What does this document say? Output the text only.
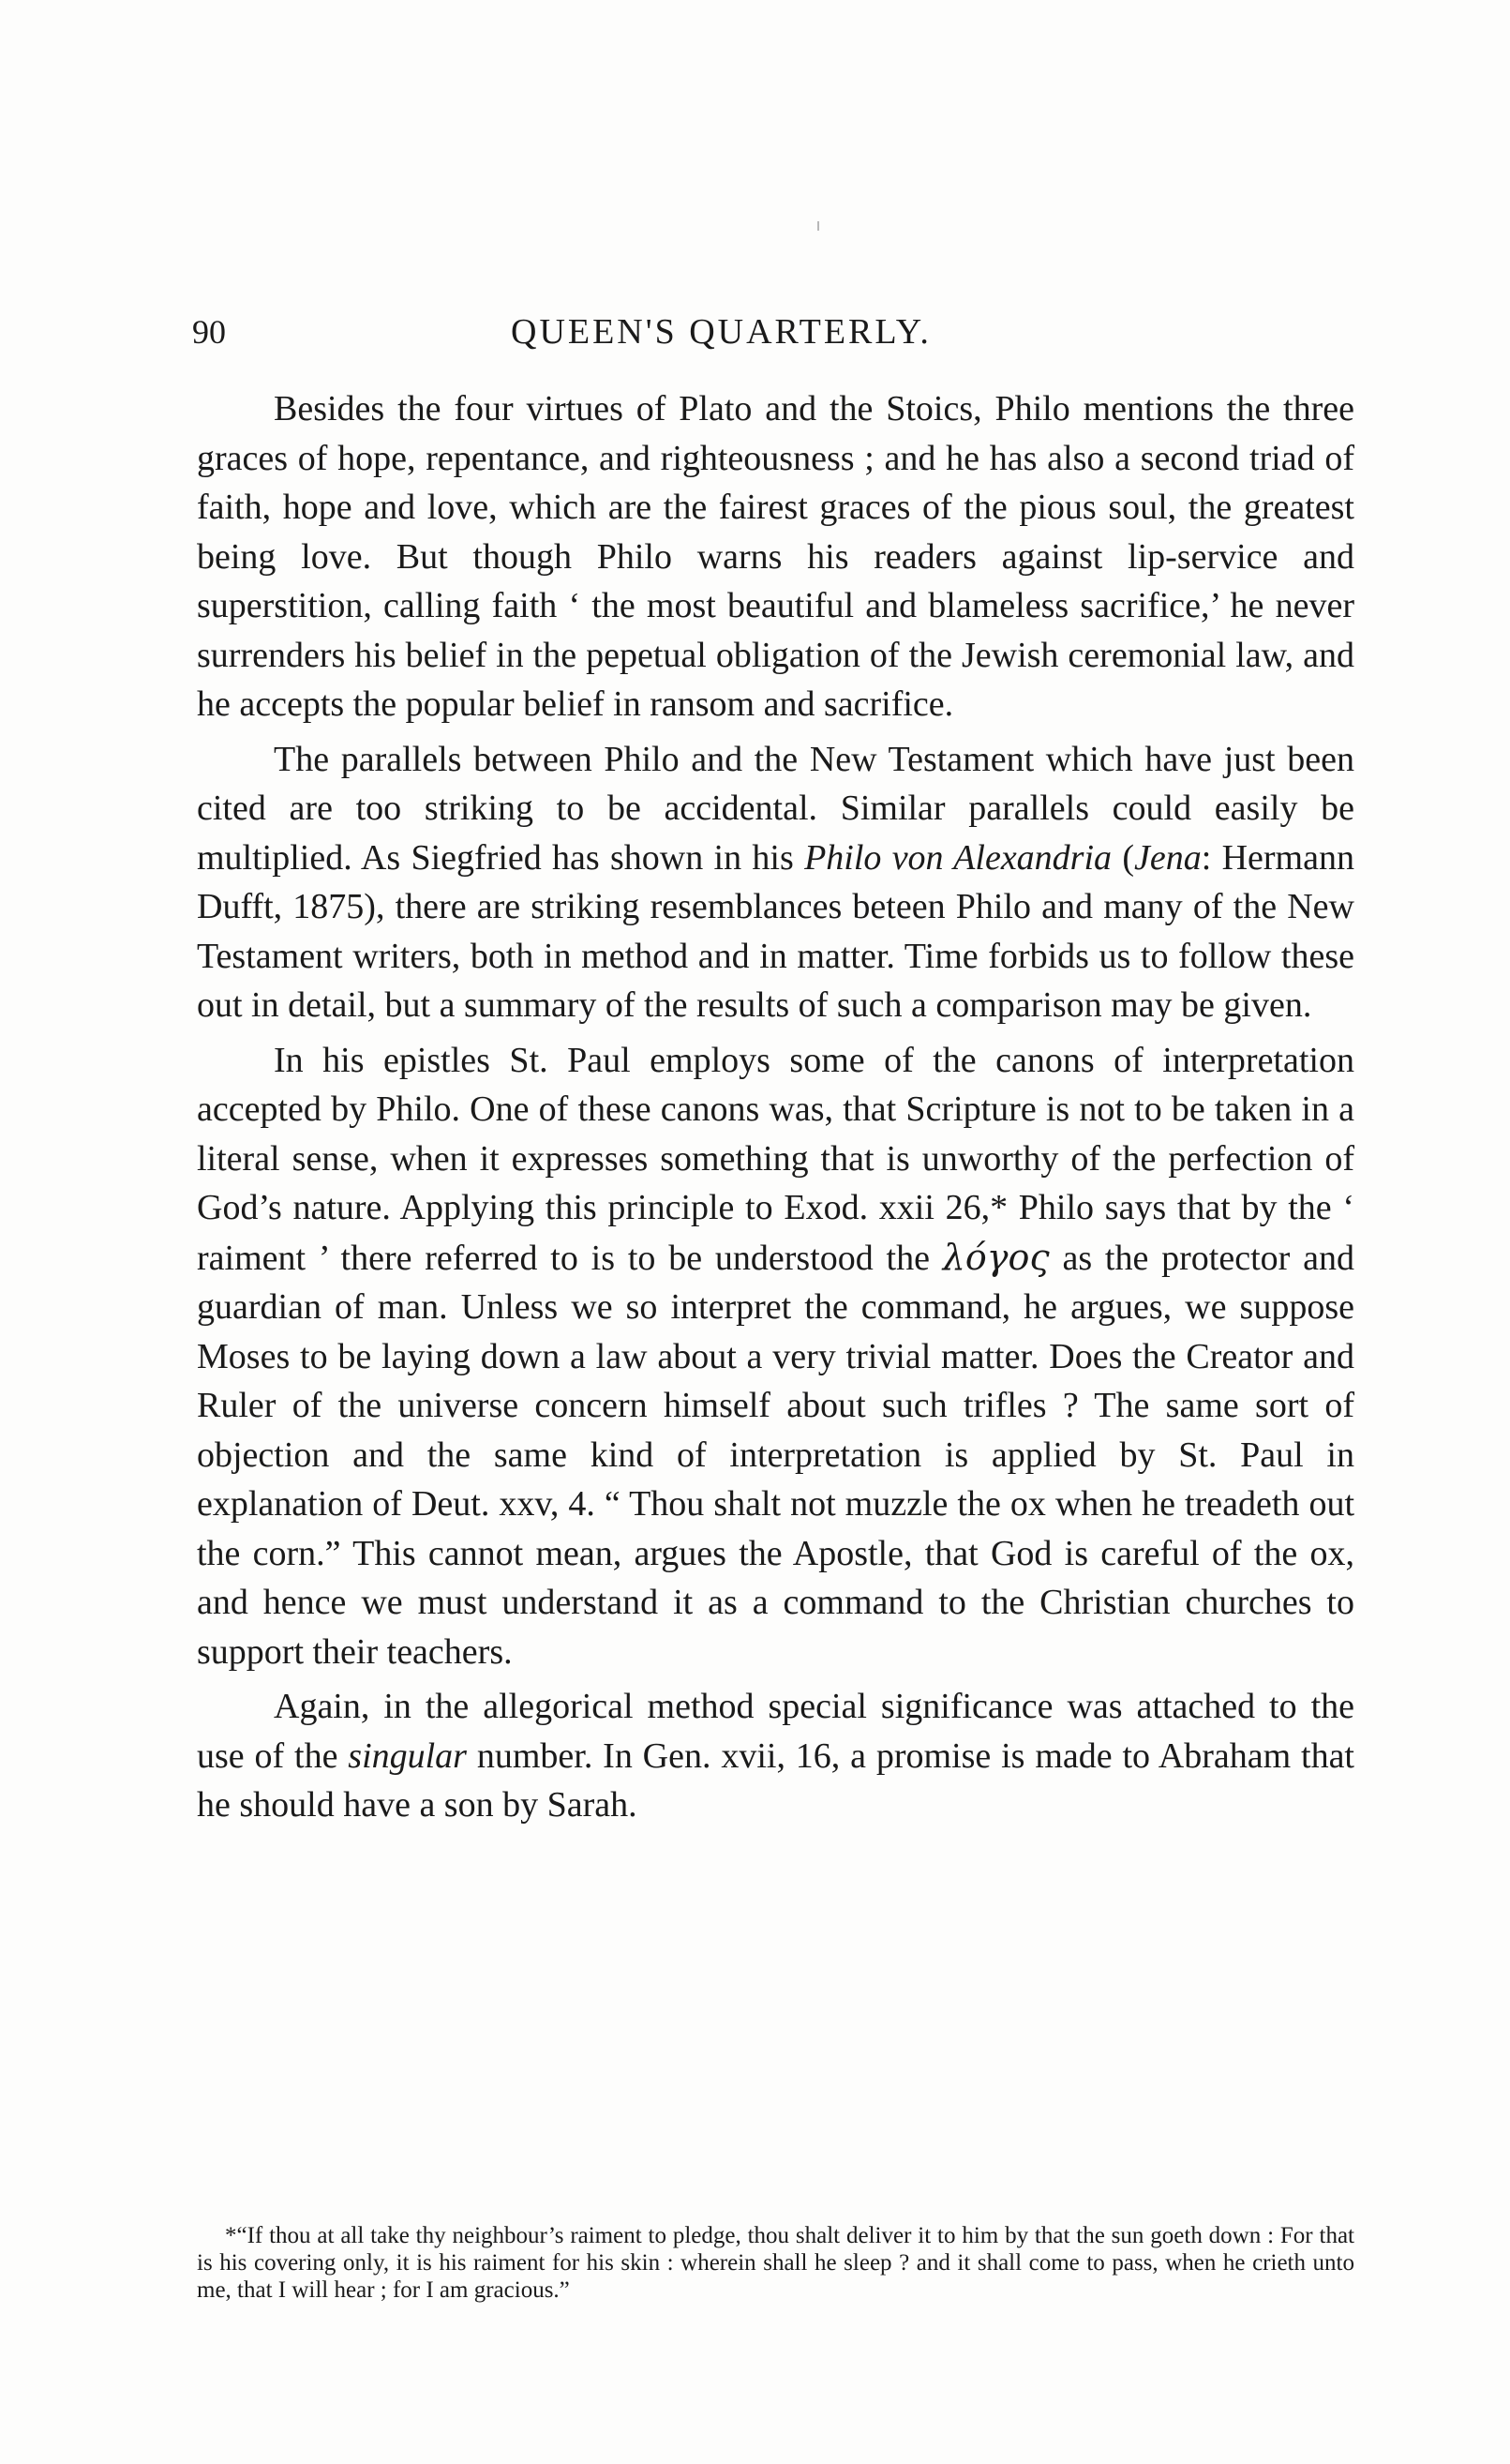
90	QUEEN'S QUARTERLY.

Besides the four virtues of Plato and the Stoics, Philo mentions the three graces of hope, repentance, and righteousness ; and he has also a second triad of faith, hope and love, which are the fairest graces of the pious soul, the greatest being love. But though Philo warns his readers against lip-service and superstition, calling faith ‘ the most beautiful and blameless sacrifice,’ he never surrenders his belief in the pepetual obligation of the Jewish ceremonial law, and he accepts the popular belief in ransom and sacrifice.

The parallels between Philo and the New Testament which have just been cited are too striking to be accidental. Similar parallels could easily be multiplied. As Siegfried has shown in his Philo von Alexandria (Jena: Hermann Dufft, 1875), there are striking resemblances beteen Philo and many of the New Testament writers, both in method and in matter. Time forbids us to follow these out in detail, but a summary of the results of such a comparison may be given.

In his epistles St. Paul employs some of the canons of interpretation accepted by Philo. One of these canons was, that Scripture is not to be taken in a literal sense, when it expresses something that is unworthy of the perfection of God’s nature. Applying this principle to Exod. xxii 26,* Philo says that by the ‘ raiment ’ there referred to is to be understood the λόγος as the protector and guardian of man. Unless we so interpret the command, he argues, we suppose Moses to be laying down a law about a very trivial matter. Does the Creator and Ruler of the universe concern himself about such trifles ? The same sort of objection and the same kind of interpretation is applied by St. Paul in explanation of Deut. xxv, 4. “ Thou shalt not muzzle the ox when he treadeth out the corn.” This cannot mean, argues the Apostle, that God is careful of the ox, and hence we must understand it as a command to the Christian churches to support their teachers.

Again, in the allegorical method special significance was attached to the use of the singular number. In Gen. xvii, 16, a promise is made to Abraham that he should have a son by Sarah.

*“If thou at all take thy neighbour’s raiment to pledge, thou shalt deliver it to him by that the sun goeth down : For that is his covering only, it is his raiment for his skin : wherein shall he sleep ? and it shall come to pass, when he crieth unto me, that I will hear ; for I am gracious.”
